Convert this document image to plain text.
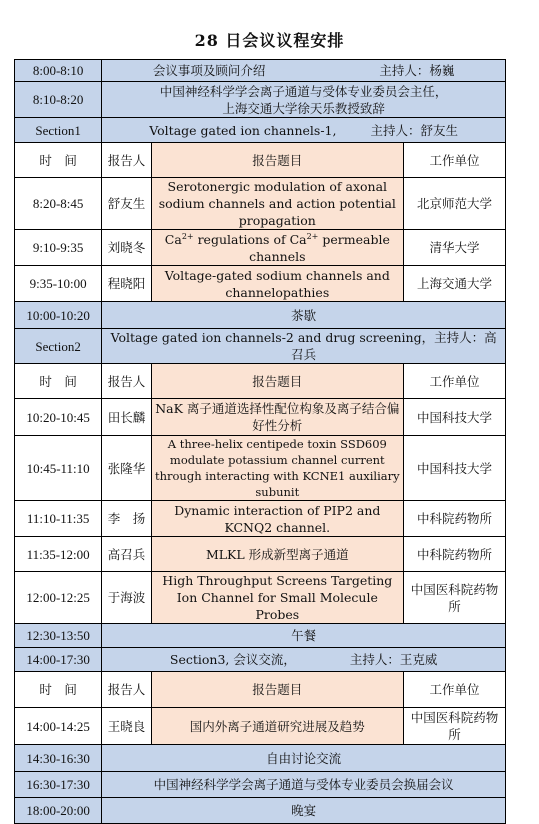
28 日会议议程安排
8:00-8:10	会议事项及顾问介绍 主持人：杨巍		
8:10-8:20	中国神经科学学会离子通道与受体专业委员会主任，
上海交通大学徐天乐教授致辞		

Section1	Voltage gated ion channels-1, 主持人：舒友生		
时　间	报告人	报告题目	工作单位
8:20-8:45	舒友生	Serotonergic modulation of axonal sodium channels and action potential propagation	北京师范大学
9:10-9:35	刘晓冬	$Ca^{2+}$ regulations of $Ca^{2+}$ permeable channels	清华大学
9:35-10:00	程晓阳	Voltage-gated sodium channels and channelopathies	上海交通大学
10:00-10:20	茶歇		
Section2	Voltage gated ion channels-2 and drug screening，主持人：高召兵		
时　间	报告人	报告题目	工作单位
10:20-10:45	田长麟	NaK 离子通道选择性配位构象及离子结合偏好性分析	中国科技大学
10:45-11:10	张隆华	A three-helix centipede toxin SSD609 modulate potassium channel current through interacting with KCNE1 auxiliary subunit	中国科技大学
11:10-11:35	李　扬	Dynamic interaction of PIP2 and KCNQ2 channel.	中科院药物所
11:35-12:00	高召兵	MLKL 形成新型离子通道	中科院药物所
12:00-12:25	于海波	High Throughput Screens Targeting Ion Channel for Small Molecule Probes	中国医科院药物所
12:30-13:50	午餐		
14:00-17:30	Section3, 会议交流， 主持人：王克威		
时　间	报告人	报告题目	工作单位
14:00-14:25	王晓良	国内外离子通道研究进展及趋势	中国医科院药物所
14:30-16:30	自由讨论交流		
16:30-17:30	中国神经科学学会离子通道与受体专业委员会换届会议		
18:00-20:00	晚宴		
